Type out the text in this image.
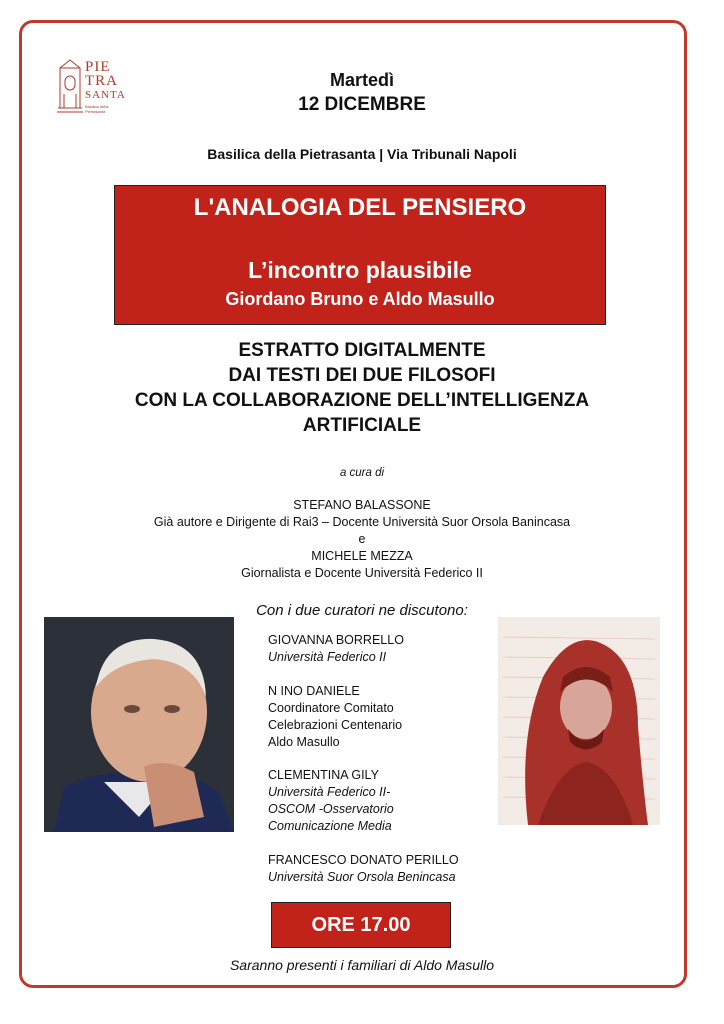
PIE
TRA
SANTA
Basilica della Pietrasanta
Martedì
12 DICEMBRE
Basilica della Pietrasanta | Via Tribunali Napoli
L'ANALOGIA DEL PENSIERO
L’incontro plausibile
Giordano Bruno e Aldo Masullo
ESTRATTO DIGITALMENTE
DAI TESTI DEI DUE FILOSOFI
CON LA COLLABORAZIONE DELL’INTELLIGENZA
ARTIFICIALE
a cura di
STEFANO BALASSONE
Già autore e Dirigente di Rai3 – Docente Università Suor Orsola Banincasa
e
MICHELE MEZZA
Giornalista e Docente Università Federico II
Con i due curatori ne discutono:
GIOVANNA BORRELLO
Università Federico II
N INO DANIELE
Coordinatore Comitato
Celebrazioni Centenario
Aldo Masullo
CLEMENTINA GILY
Università Federico II-
OSCOM -Osservatorio
Comunicazione Media
FRANCESCO DONATO PERILLO
Università Suor Orsola Benincasa
ORE 17.00
Saranno presenti i familiari di Aldo Masullo
